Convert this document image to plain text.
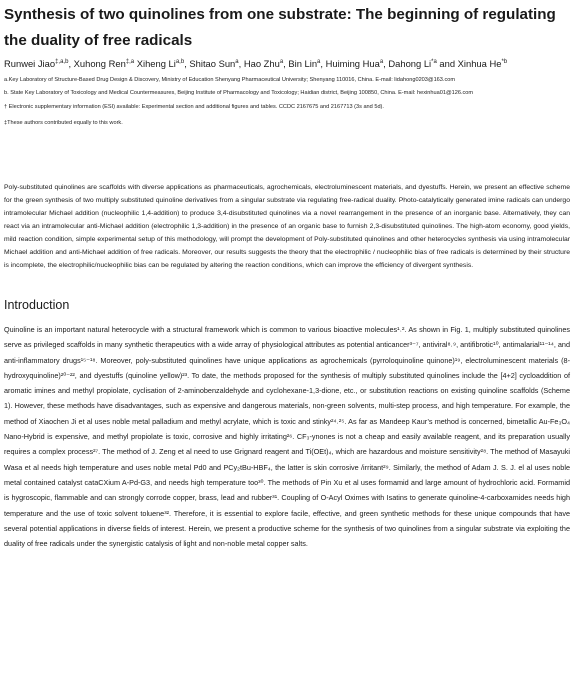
Synthesis of two quinolines from one substrate: The beginning of regulating the duality of free radicals
Runwei Jiao$^{\ddagger,a,b}$, Xuhong Ren$^{\ddagger,a}$ Xiheng Li$^{a,b}$, Shitao Sun$^a$, Hao Zhu$^a$, Bin Lin$^a$, Huiming Hua$^a$, Dahong Li$^{*a}$ and Xinhua He$^{*b}$
a.Key Laboratory of Structure-Based Drug Design & Discovery, Ministry of Education Shenyang Pharmaceutical University; Shenyang 110016, China. E-mail: lidahong0203@163.com
b. State Key Laboratory of Toxicology and Medical Countermeasures, Beijing Institute of Pharmacology and Toxicology; Haidian district, Beijing 100850, China. E-mail: hexinhua01@126.com
† Electronic supplementary information (ESI) available: Experimental section and additional figures and tables. CCDC 2167675 and 2167713 (3s and 5d).
‡These authors contributed equally to this work.

Poly-substituted quinolines are scaffolds with diverse applications as pharmaceuticals, agrochemicals, electroluminescent materials, and dyestuffs. Herein, we present an effective scheme for the green synthesis of two multiply substituted quinoline derivatives from a singular substrate via regulating free-radical duality. Photo-catalytically generated imine radicals can undergo intramolecular Michael addition (nucleophilic 1,4-addition) to produce 3,4-disubstituted quinolines via a novel rearrangement in the presence of an inorganic base. Alternatively, they can react via an intramolecular anti-Michael addition (electrophilic 1,3-addition) in the presence of an organic base to furnish 2,3-disubstituted quinolines. The high-atom economy, good yields, mild reaction condition, simple experimental setup of this methodology, will prompt the development of Poly-substituted quinolines and other heterocycles synthesis via using intramolecular Michael addition and anti-Michael addition of free radicals. Moreover, our results suggests the theory that the electrophilic / nucleophilic bias of free radicals is determined by their structure is incomplete, the electrophilic/nucleophilic bias can be regulated by altering the reaction conditions, which can improve the efficiency of divergent synthesis.

Introduction

Quinoline is an important natural heterocycle with a structural framework which is common to various bioactive molecules¹˒². As shown in Fig. 1, multiply substituted quinolines serve as privileged scaffolds in many synthetic therapeutics with a wide array of physiological attributes as potential anticancer³⁻⁷, antiviral⁸˒⁹, antifibrotic¹⁰, antimalarial¹¹⁻¹⁴, and anti-inflammatory drugs¹⁵⁻¹⁸. Moreover, poly-substituted quinolines have unique applications as agrochemicals (pyrroloquinoline quinone)¹⁹, electroluminescent materials (8-hydroxyquinoline)²⁰⁻²², and dyestuffs (quinoline yellow)²³. To date, the methods proposed for the synthesis of multiply substituted quinolines include the [4+2] cycloaddition of aromatic imines and methyl propiolate, cyclisation of 2-aminobenzaldehyde and cyclohexane-1,3-dione, etc., or substitution reactions on existing quinoline scaffolds (Scheme 1). However, these methods have disadvantages, such as expensive and dangerous materials, non-green solvents, multi-step process, and high temperature. For example, the method of Xiaochen Ji et al uses noble metal palladium and methyl acrylate, which is toxic and stinky²⁴˒²⁵. As far as Mandeep Kaur’s method is concerned, bimetallic Au-Fe₃O₄ Nano-Hybrid is expensive, and methyl propiolate is toxic, corrosive and highly irritating²⁶. CF₃-ynones is not a cheap and easily available reagent, and its preparation usually requires a complex process²⁷. The method of J. Zeng et al need to use Grignard reagent and Ti(OEt)₄, which are hazardous and moisture sensitivity²⁸. The method of Masayuki Wasa et al needs high temperature and uses noble metal Pd0 and PCy₂tBu-HBF₄, the latter is skin corrosive /irritant²⁹. Similarly, the method of Adam J. S. J. el al uses noble metal contained catalyst cataCXium A-Pd-G3, and needs high temperature too³⁰. The methods of Pin Xu et al uses formamid and large amount of hydrochloric acid. Formamid is hygroscopic, flammable and can strongly corrode copper, brass, lead and rubber³¹. Coupling of O-Acyl Oximes with Isatins to generate quinoline-4-carboxamides needs high temperature and the use of toxic solvent toluene³². Therefore, it is essential to explore facile, effective, and green synthetic methods for these unique compounds that have several potential applications in diverse fields of interest. Herein, we present a productive scheme for the synthesis of two quinolines from a singular substrate via exploiting the duality of free radicals under the synergistic catalysis of light and non-noble metal copper salts.
